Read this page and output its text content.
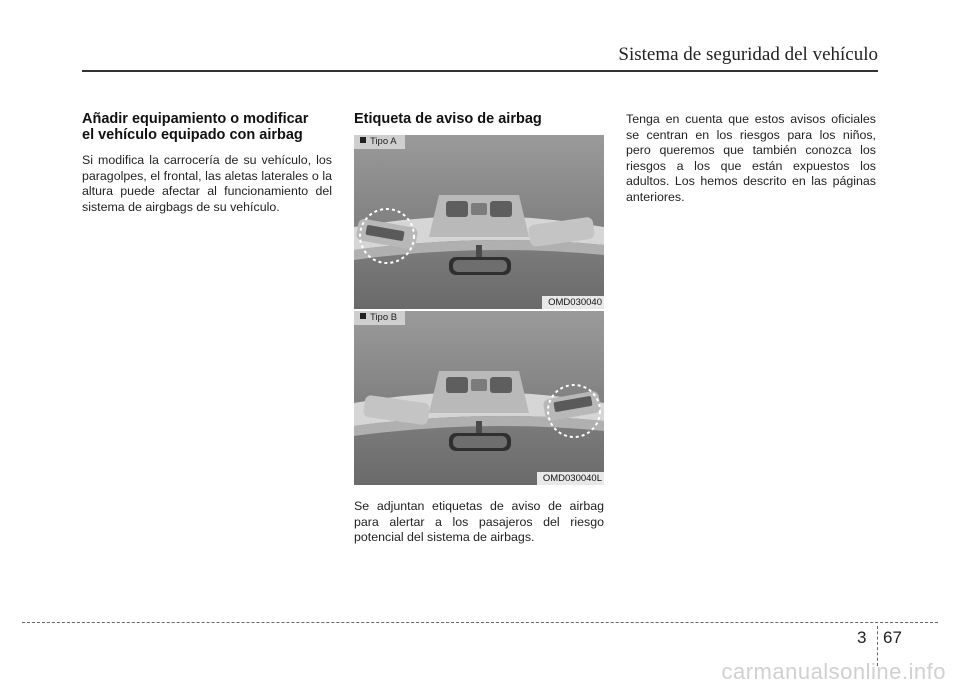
Sistema de seguridad del vehículo
Añadir equipamiento o modificar
el vehículo equipado con airbag

Si modifica la carrocería de su vehículo, los paragolpes, el frontal, las aletas laterales o la altura puede afectar al funcionamiento del sistema de airgbags de su vehículo.

Etiqueta de aviso de airbag
Tipo A
OMD030040
Tipo B
OMD030040L

Se adjuntan etiquetas de aviso de airbag para alertar a los pasajeros del riesgo potencial del sistema de airbags.

Tenga en cuenta que estos avisos oficiales se centran en los riesgos para los niños, pero queremos que también conozca los riesgos a los que están expuestos los adultos. Los hemos descrito en las páginas anteriores.

3 67
carmanualsonline.info
